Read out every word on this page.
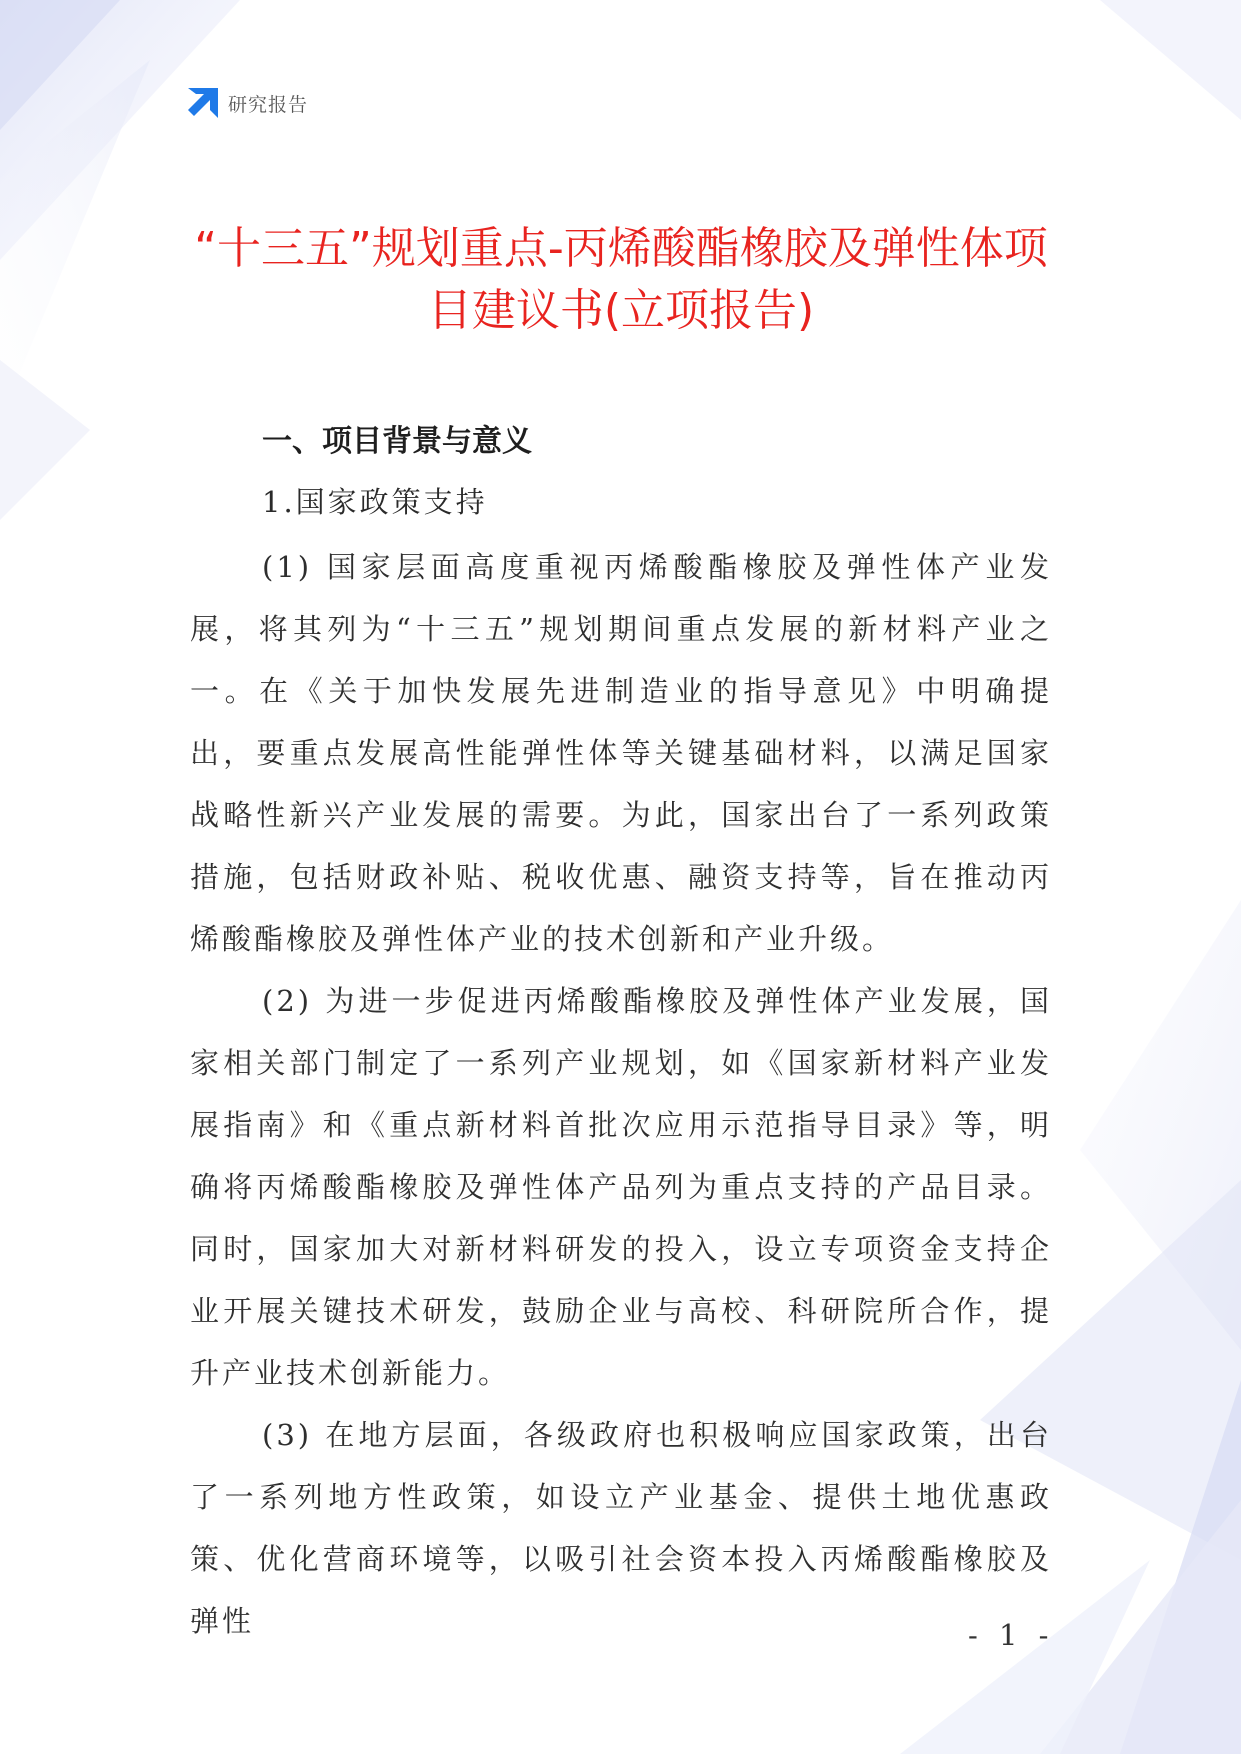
研究报告
“十三五”规划重点-丙烯酸酯橡胶及弹性体项目建议书(立项报告)
一、项目背景与意义
1.国家政策支持

(1) 国家层面高度重视丙烯酸酯橡胶及弹性体产业发展，将其列为“十三五”规划期间重点发展的新材料产业之一。在《关于加快发展先进制造业的指导意见》中明确提出，要重点发展高性能弹性体等关键基础材料，以满足国家战略性新兴产业发展的需要。为此，国家出台了一系列政策措施，包括财政补贴、税收优惠、融资支持等，旨在推动丙烯酸酯橡胶及弹性体产业的技术创新和产业升级。

(2) 为进一步促进丙烯酸酯橡胶及弹性体产业发展，国家相关部门制定了一系列产业规划，如《国家新材料产业发展指南》和《重点新材料首批次应用示范指导目录》等，明确将丙烯酸酯橡胶及弹性体产品列为重点支持的产品目录。同时，国家加大对新材料研发的投入，设立专项资金支持企业开展关键技术研发，鼓励企业与高校、科研院所合作，提升产业技术创新能力。

(3) 在地方层面，各级政府也积极响应国家政策，出台了一系列地方性政策，如设立产业基金、提供土地优惠政策、优化营商环境等，以吸引社会资本投入丙烯酸酯橡胶及弹性	- 1 -
